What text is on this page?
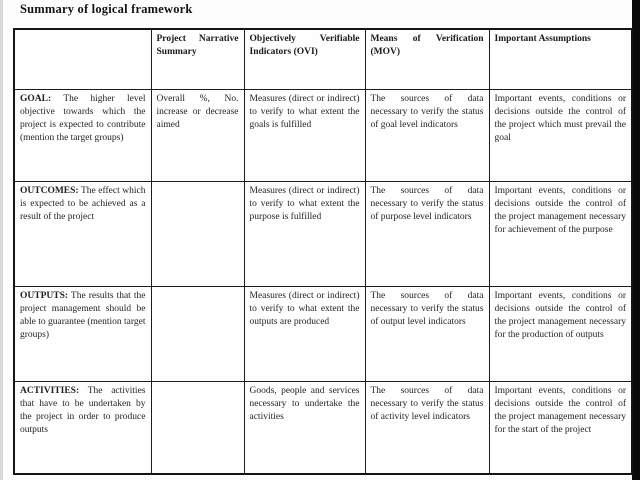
Summary of logical framework
	Project Narrative Summary	Objectively Verifiable Indicators (OVI)	Means of Verification (MOV)	Important Assumptions
GOAL: The higher level objective towards which the project is expected to contribute (mention the target groups)	Overall %, No. increase or decrease aimed	Measures (direct or indirect) to verify to what extent the goals is fulfilled	The sources of data necessary to verify the status of goal level indicators	Important events, conditions or decisions outside the control of the project which must prevail the goal
OUTCOMES: The effect which is expected to be achieved as a result of the project		Measures (direct or indirect) to verify to what extent the purpose is fulfilled	The sources of data necessary to verify the status of purpose level indicators	Important events, conditions or decisions outside the control of the project management necessary for achievement of the purpose
OUTPUTS: The results that the project management should be able to guarantee (mention target groups)		Measures (direct or indirect) to verify to what extent the outputs are produced	The sources of data necessary to verify the status of output level indicators	Important events, conditions or decisions outside the control of the project management necessary for the production of outputs
ACTIVITIES: The activities that have to be undertaken by the project in order to produce outputs		Goods, people and services necessary to undertake the activities	The sources of data necessary to verify the status of activity level indicators	Important events, conditions or decisions outside the control of the project management necessary for the start of the project
